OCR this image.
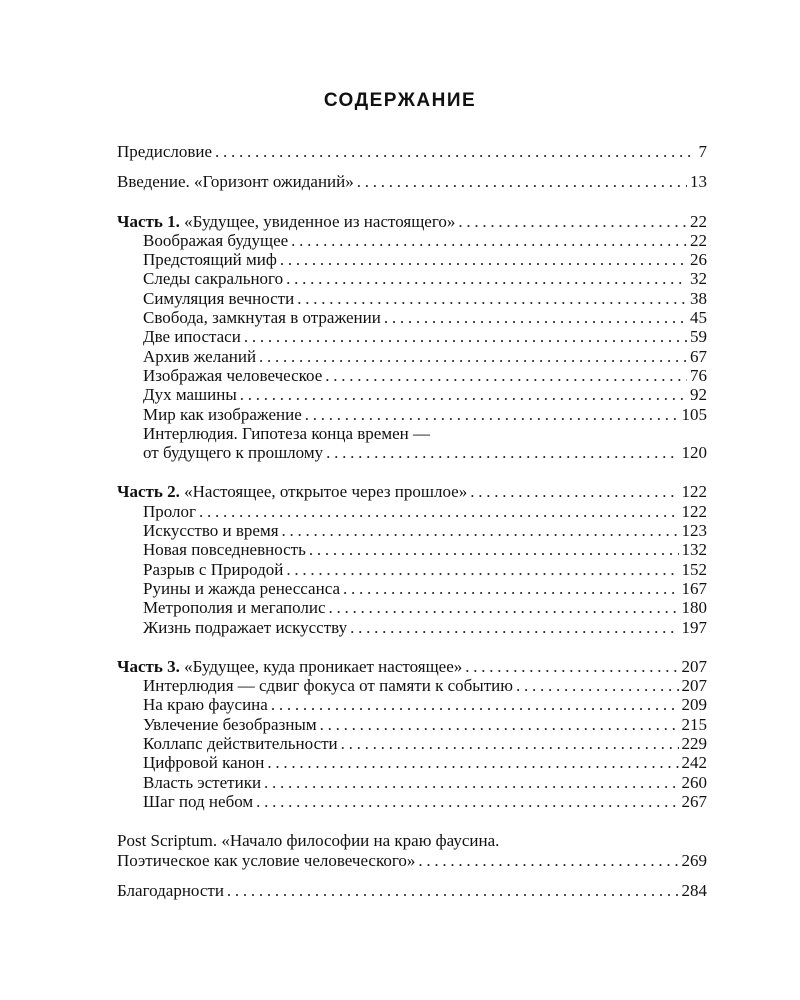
СОДЕРЖАНИЕ
Предисловие . . .	7
Введение. «Горизонт ожиданий» . . .	13
Часть 1. «Будущее, увиденное из настоящего» . . .	22
Воображая будущее . . .	22
Предстоящий миф . . .	26
Следы сакрального . . .	32
Симуляция вечности . . .	38
Свобода, замкнутая в отражении . . .	45
Две ипостаси . . .	59
Архив желаний . . .	67
Изображая человеческое . . .	76
Дух машины . . .	92
Мир как изображение . . .	105
Интерлюдия. Гипотеза конца времен —
от будущего к прошлому . . .	120
Часть 2. «Настоящее, открытое через прошлое» . . .	122
Пролог . . .	122
Искусство и время . . .	123
Новая повседневность . . .	132
Разрыв с Природой . . .	152
Руины и жажда ренессанса . . .	167
Метрополия и мегаполис . . .	180
Жизнь подражает искусству . . .	197
Часть 3. «Будущее, куда проникает настоящее» . . .	207
Интерлюдия — сдвиг фокуса от памяти к событию . . .	207
На краю фаусина . . .	209
Увлечение безобразным . . .	215
Коллапс действительности . . .	229
Цифровой канон . . .	242
Власть эстетики . . .	260
Шаг под небом . . .	267
Post Scriptum. «Начало философии на краю фаусина.
Поэтическое как условие человеческого» . . .	269
Благодарности . . .	284
